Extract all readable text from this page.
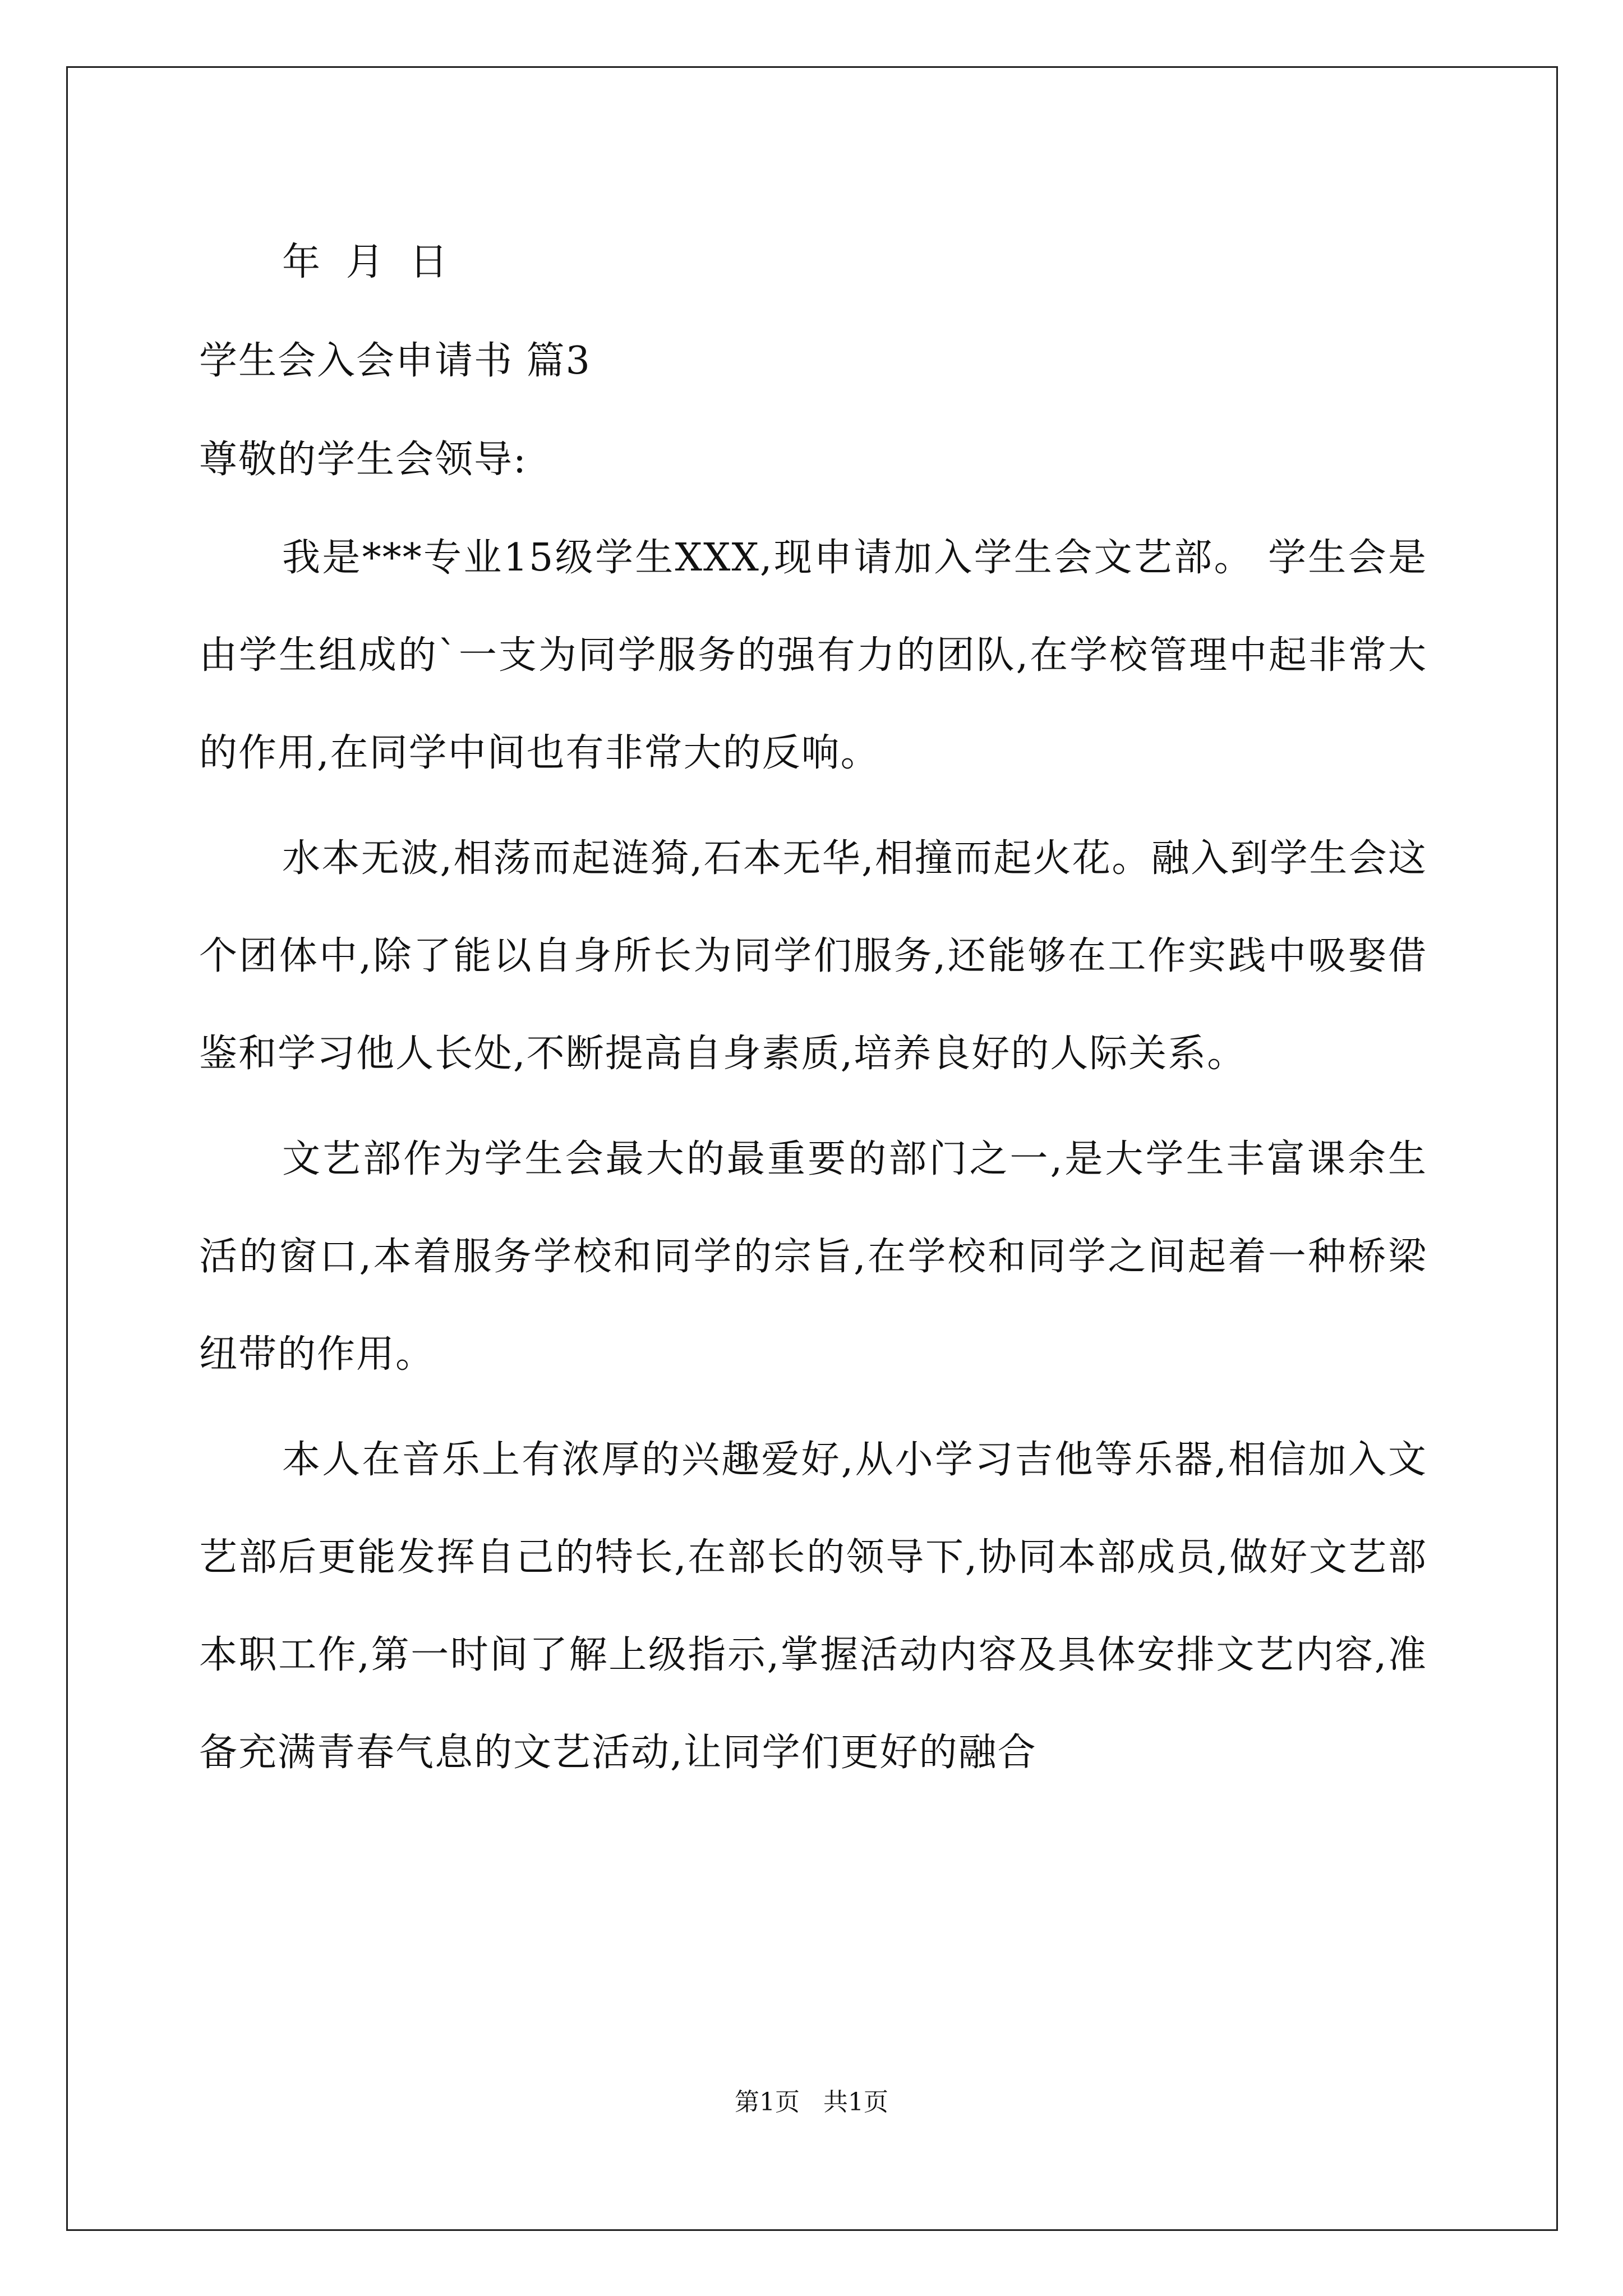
年 月 日
学生会入会申请书 篇3
尊敬的学生会领导:

我是***专业15级学生XXX,现申请加入学生会文艺部。 学生会是由学生组成的`一支为同学服务的强有力的团队,在学校管理中起非常大的作用,在同学中间也有非常大的反响。

水本无波,相荡而起涟猗,石本无华,相撞而起火花。融入到学生会这个团体中,除了能以自身所长为同学们服务,还能够在工作实践中吸娶借鉴和学习他人长处,不断提高自身素质,培养良好的人际关系。

文艺部作为学生会最大的最重要的部门之一,是大学生丰富课余生活的窗口,本着服务学校和同学的宗旨,在学校和同学之间起着一种桥梁纽带的作用。

本人在音乐上有浓厚的兴趣爱好,从小学习吉他等乐器,相信加入文艺部后更能发挥自己的特长,在部长的领导下,协同本部成员,做好文艺部本职工作,第一时间了解上级指示,掌握活动内容及具体安排文艺内容,准备充满青春气息的文艺活动,让同学们更好的融合

第1页   共1页
